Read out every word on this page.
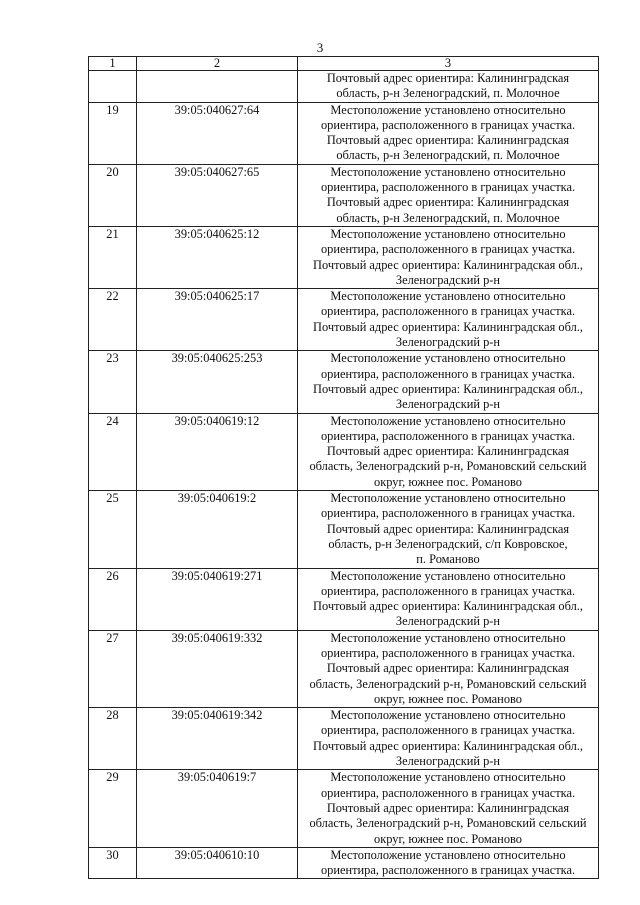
3
1	2	3

		Почтовый адрес ориентира: Калининградская
область, р-н Зеленоградский, п. Молочное

19	39:05:040627:64	Местоположение установлено относительно
ориентира, расположенного в границах участка.
Почтовый адрес ориентира: Калининградская
область, р-н Зеленоградский, п. Молочное

20	39:05:040627:65	Местоположение установлено относительно
ориентира, расположенного в границах участка.
Почтовый адрес ориентира: Калининградская
область, р-н Зеленоградский, п. Молочное

21	39:05:040625:12	Местоположение установлено относительно
ориентира, расположенного в границах участка.
Почтовый адрес ориентира: Калининградская обл.,
Зеленоградский р-н

22	39:05:040625:17	Местоположение установлено относительно
ориентира, расположенного в границах участка.
Почтовый адрес ориентира: Калининградская обл.,
Зеленоградский р-н

23	39:05:040625:253	Местоположение установлено относительно
ориентира, расположенного в границах участка.
Почтовый адрес ориентира: Калининградская обл.,
Зеленоградский р-н

24	39:05:040619:12	Местоположение установлено относительно
ориентира, расположенного в границах участка.
Почтовый адрес ориентира: Калининградская
область, Зеленоградский р-н, Романовский сельский
округ, южнее пос. Романово

25	39:05:040619:2	Местоположение установлено относительно
ориентира, расположенного в границах участка.
Почтовый адрес ориентира: Калининградская
область, р-н Зеленоградский, с/п Ковровское,
п. Романово

26	39:05:040619:271	Местоположение установлено относительно
ориентира, расположенного в границах участка.
Почтовый адрес ориентира: Калининградская обл.,
Зеленоградский р-н

27	39:05:040619:332	Местоположение установлено относительно
ориентира, расположенного в границах участка.
Почтовый адрес ориентира: Калининградская
область, Зеленоградский р-н, Романовский сельский
округ, южнее пос. Романово

28	39:05:040619:342	Местоположение установлено относительно
ориентира, расположенного в границах участка.
Почтовый адрес ориентира: Калининградская обл.,
Зеленоградский р-н

29	39:05:040619:7	Местоположение установлено относительно
ориентира, расположенного в границах участка.
Почтовый адрес ориентира: Калининградская
область, Зеленоградский р-н, Романовский сельский
округ, южнее пос. Романово

30	39:05:040610:10	Местоположение установлено относительно
ориентира, расположенного в границах участка.
